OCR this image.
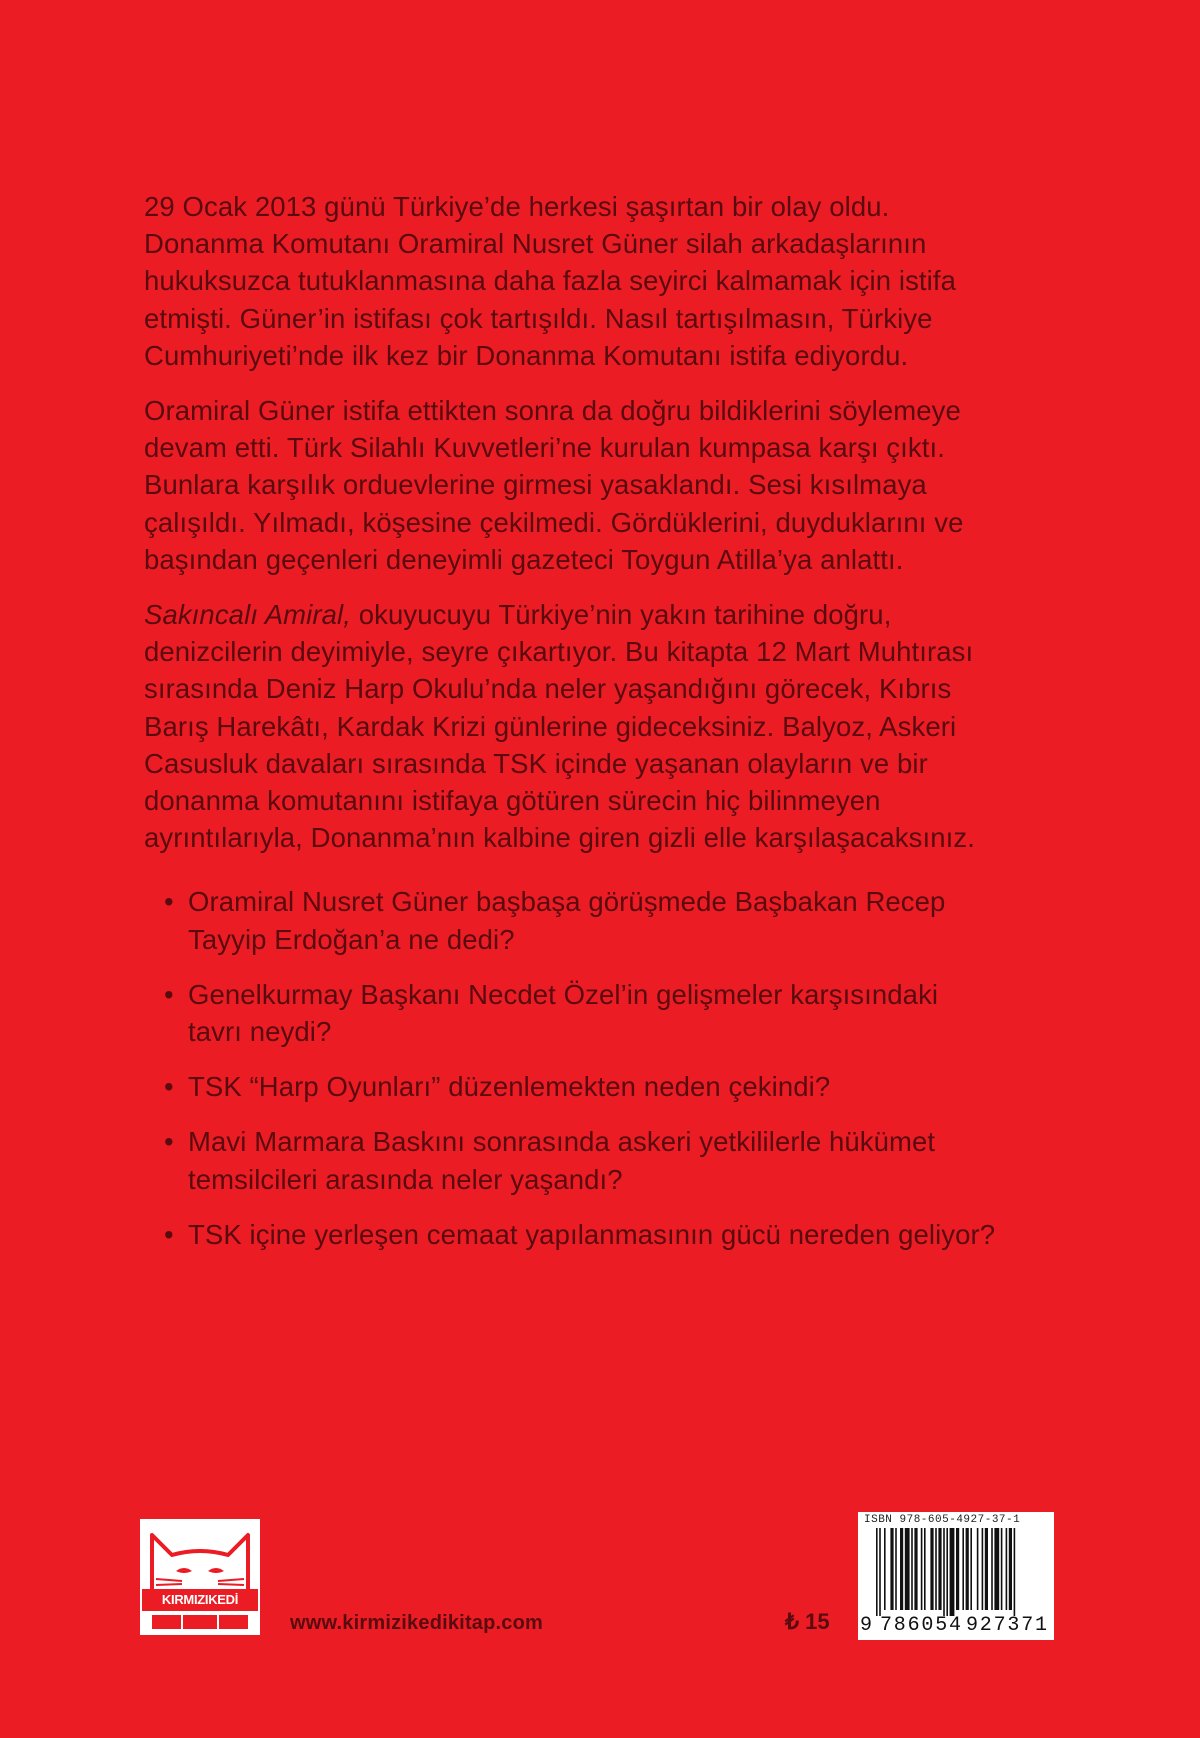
29 Ocak 2013 günü Türkiye’de herkesi şaşırtan bir olay oldu.
Donanma Komutanı Oramiral Nusret Güner silah arkadaşlarının
hukuksuzca tutuklanmasına daha fazla seyirci kalmamak için istifa
etmişti. Güner’in istifası çok tartışıldı. Nasıl tartışılmasın, Türkiye
Cumhuriyeti’nde ilk kez bir Donanma Komutanı istifa ediyordu.

Oramiral Güner istifa ettikten sonra da doğru bildiklerini söylemeye
devam etti. Türk Silahlı Kuvvetleri’ne kurulan kumpasa karşı çıktı.
Bunlara karşılık orduevlerine girmesi yasaklandı. Sesi kısılmaya
çalışıldı. Yılmadı, köşesine çekilmedi. Gördüklerini, duyduklarını ve
başından geçenleri deneyimli gazeteci Toygun Atilla’ya anlattı.

Sakıncalı Amiral, okuyucuyu Türkiye’nin yakın tarihine doğru,
denizcilerin deyimiyle, seyre çıkartıyor. Bu kitapta 12 Mart Muhtırası
sırasında Deniz Harp Okulu’nda neler yaşandığını görecek, Kıbrıs
Barış Harekâtı, Kardak Krizi günlerine gideceksiniz. Balyoz, Askeri
Casusluk davaları sırasında TSK içinde yaşanan olayların ve bir
donanma komutanını istifaya götüren sürecin hiç bilinmeyen
ayrıntılarıyla, Donanma’nın kalbine giren gizli elle karşılaşacaksınız.

• Oramiral Nusret Güner başbaşa görüşmede Başbakan Recep
Tayyip Erdoğan’a ne dedi?
• Genelkurmay Başkanı Necdet Özel’in gelişmeler karşısındaki
tavrı neydi?
• TSK “Harp Oyunları” düzenlemekten neden çekindi?
• Mavi Marmara Baskını sonrasında askeri yetkililerle hükümet
temsilcileri arasında neler yaşandı?
• TSK içine yerleşen cemaat yapılanmasının gücü nereden geliyor?
KIRMIZIKEDİ
www.kirmizikedikitap.com	₺ 15
ISBN 978-605-4927-37-1
9 786054 927371
